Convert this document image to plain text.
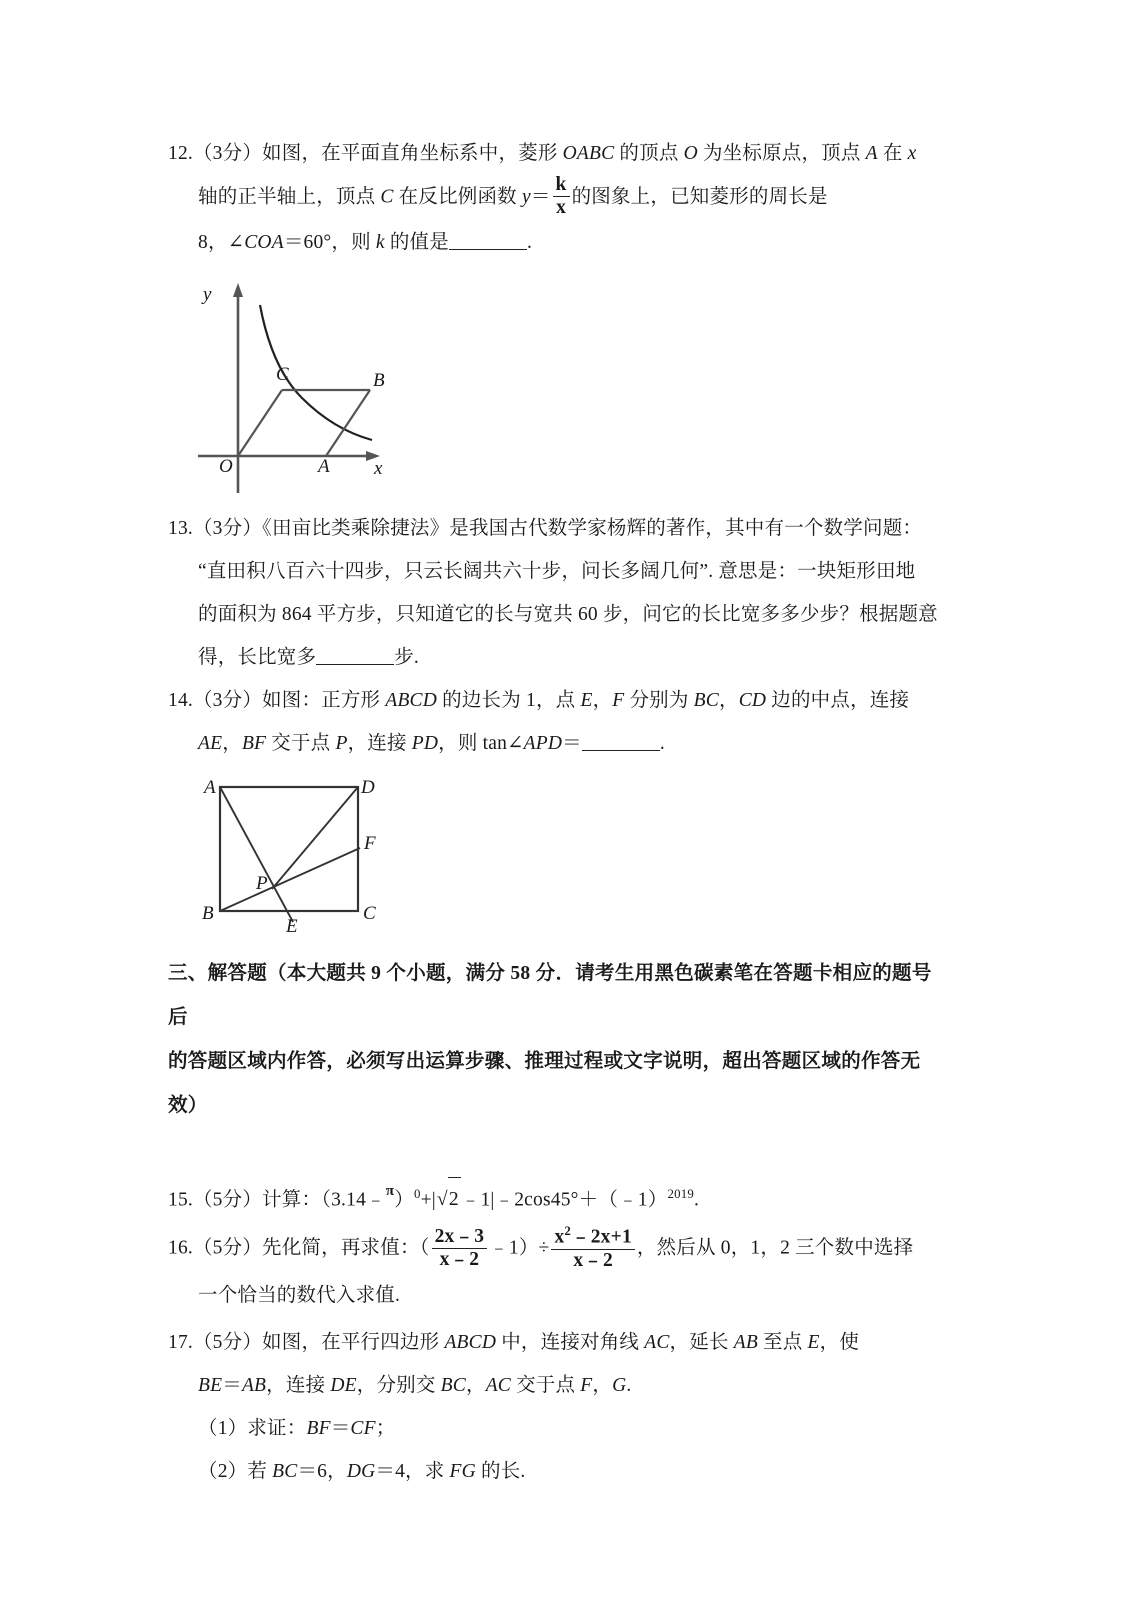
12.（3分）如图，在平面直角坐标系中，菱形 OABC 的顶点 O 为坐标原点，顶点 A 在 x
轴的正半轴上，顶点 C 在反比例函数 $y= \frac{k}{x}$ 的图象上，已知菱形的周长是
8，∠COA＝60°，则 k 的值是	.
y
x
O	A
B
C
13.（3分）《田亩比类乘除捷法》是我国古代数学家杨辉的著作，其中有一个数学问题：
“直田积八百六十四步，只云长阔共六十步，问长多阔几何”. 意思是：一块矩形田地
的面积为 864 平方步，只知道它的长与宽共 60 步，问它的长比宽多多少步？根据题意
得，长比宽多	步.
14.（3分）如图：正方形 ABCD 的边长为 1，点 E，F 分别为 BC，CD 边的中点，连接
AE，BF 交于点 P，连接 PD，则 tan∠APD＝	.
A	D
B	C
F
E
P
三、解答题（本大题共 9 个小题，满分 58 分．请考生用黑色碳素笔在答题卡相应的题号后
的答题区域内作答，必须写出运算步骤、推理过程或文字说明，超出答题区域的作答无效）
15.（5分）计算：（3.14﹣$^\pi$）$^0$+|√2 ﹣1|﹣2cos45°＋（﹣1）$^{2019}$.
16.（5分）先化简，再求值：（ $\frac{2x﹣3}{x﹣2}$ ﹣1）÷ $\frac{x^2﹣2x+1}{x﹣2}$ ，然后从 0，1，2 三个数中选择
一个恰当的数代入求值.
17.（5分）如图，在平行四边形 ABCD 中，连接对角线 AC，延长 AB 至点 E，使
BE＝AB，连接 DE，分别交 BC，AC 交于点 F，G.
（1）求证：BF＝CF；
（2）若 BC＝6，DG＝4，求 FG 的长.
